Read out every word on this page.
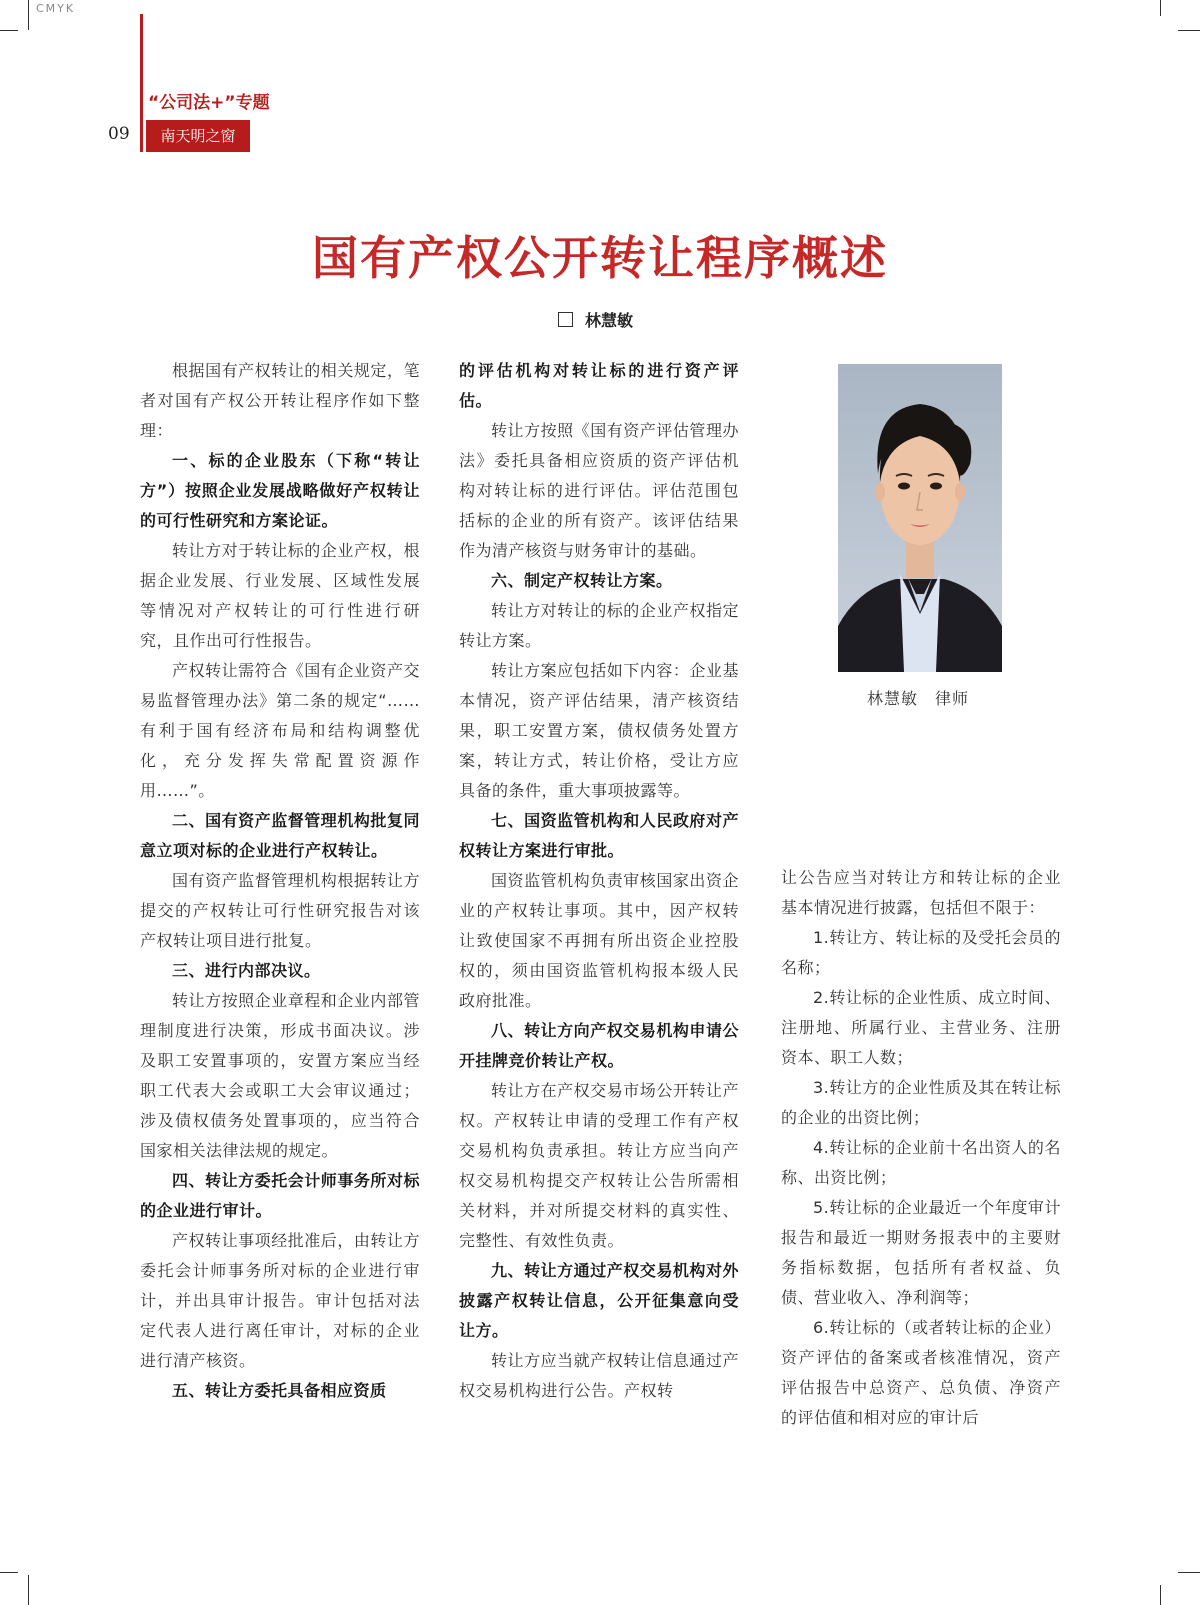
CMYK
“公司法+”专题
09	南天明之窗
国有产权公开转让程序概述
林慧敏

根据国有产权转让的相关规定，笔者对国有产权公开转让程序作如下整理：

一、标的企业股东（下称“转让方”）按照企业发展战略做好产权转让的可行性研究和方案论证。

转让方对于转让标的企业产权，根据企业发展、行业发展、区域性发展等情况对产权转让的可行性进行研究，且作出可行性报告。

产权转让需符合《国有企业资产交易监督管理办法》第二条的规定“……有利于国有经济布局和结构调整优化，充分发挥失常配置资源作用……”。

二、国有资产监督管理机构批复同意立项对标的企业进行产权转让。

国有资产监督管理机构根据转让方提交的产权转让可行性研究报告对该产权转让项目进行批复。

三、进行内部决议。

转让方按照企业章程和企业内部管理制度进行决策，形成书面决议。涉及职工安置事项的，安置方案应当经职工代表大会或职工大会审议通过；涉及债权债务处置事项的，应当符合国家相关法律法规的规定。

四、转让方委托会计师事务所对标的企业进行审计。

产权转让事项经批准后，由转让方委托会计师事务所对标的企业进行审计，并出具审计报告。审计包括对法定代表人进行离任审计，对标的企业进行清产核资。

五、转让方委托具备相应资质

的评估机构对转让标的进行资产评估。

转让方按照《国有资产评估管理办法》委托具备相应资质的资产评估机构对转让标的进行评估。评估范围包括标的企业的所有资产。该评估结果作为清产核资与财务审计的基础。

六、制定产权转让方案。

转让方对转让的标的企业产权指定转让方案。

转让方案应包括如下内容：企业基本情况，资产评估结果，清产核资结果，职工安置方案，债权债务处置方案，转让方式，转让价格，受让方应具备的条件，重大事项披露等。

七、国资监管机构和人民政府对产权转让方案进行审批。

国资监管机构负责审核国家出资企业的产权转让事项。其中，因产权转让致使国家不再拥有所出资企业控股权的，须由国资监管机构报本级人民政府批准。

八、转让方向产权交易机构申请公开挂牌竞价转让产权。

转让方在产权交易市场公开转让产权。产权转让申请的受理工作有产权交易机构负责承担。转让方应当向产权交易机构提交产权转让公告所需相关材料，并对所提交材料的真实性、完整性、有效性负责。

九、转让方通过产权交易机构对外披露产权转让信息，公开征集意向受让方。

转让方应当就产权转让信息通过产权交易机构进行公告。产权转

让公告应当对转让方和转让标的企业基本情况进行披露，包括但不限于：

1.转让方、转让标的及受托会员的名称；

2.转让标的企业性质、成立时间、注册地、所属行业、主营业务、注册资本、职工人数；

3.转让方的企业性质及其在转让标的企业的出资比例；

4.转让标的企业前十名出资人的名称、出资比例；

5.转让标的企业最近一个年度审计报告和最近一期财务报表中的主要财务指标数据，包括所有者权益、负债、营业收入、净利润等；

6.转让标的（或者转让标的企业）资产评估的备案或者核准情况，资产评估报告中总资产、总负债、净资产的评估值和相对应的审计后

林慧敏　律师
